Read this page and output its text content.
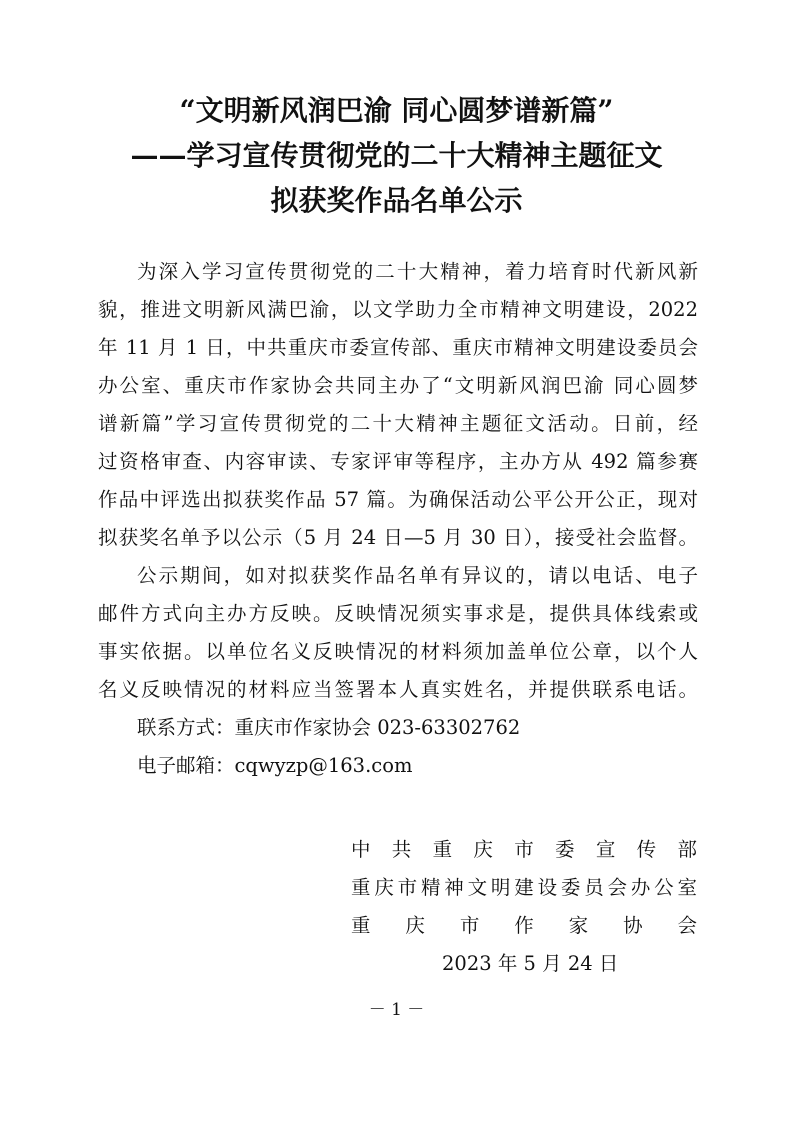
“文明新风润巴渝 同心圆梦谱新篇”
——学习宣传贯彻党的二十大精神主题征文
拟获奖作品名单公示
为深入学习宣传贯彻党的二十大精神，着力培育时代新风新
貌，推进文明新风满巴渝，以文学助力全市精神文明建设，2022
年 11 月 1 日，中共重庆市委宣传部、重庆市精神文明建设委员会
办公室、重庆市作家协会共同主办了“文明新风润巴渝 同心圆梦
谱新篇”学习宣传贯彻党的二十大精神主题征文活动。日前，经
过资格审查、内容审读、专家评审等程序，主办方从 492 篇参赛
作品中评选出拟获奖作品 57 篇。为确保活动公平公开公正，现对
拟获奖名单予以公示（5 月 24 日—5 月 30 日），接受社会监督。
公示期间，如对拟获奖作品名单有异议的，请以电话、电子
邮件方式向主办方反映。反映情况须实事求是，提供具体线索或
事实依据。以单位名义反映情况的材料须加盖单位公章，以个人
名义反映情况的材料应当签署本人真实姓名，并提供联系电话。
联系方式：重庆市作家协会 023-63302762
电子邮箱：cqwyzp@163.com
中共重庆市委宣传部
重庆市精神文明建设委员会办公室
重庆市作家协会
2023 年 5 月 24 日
－ 1 －
